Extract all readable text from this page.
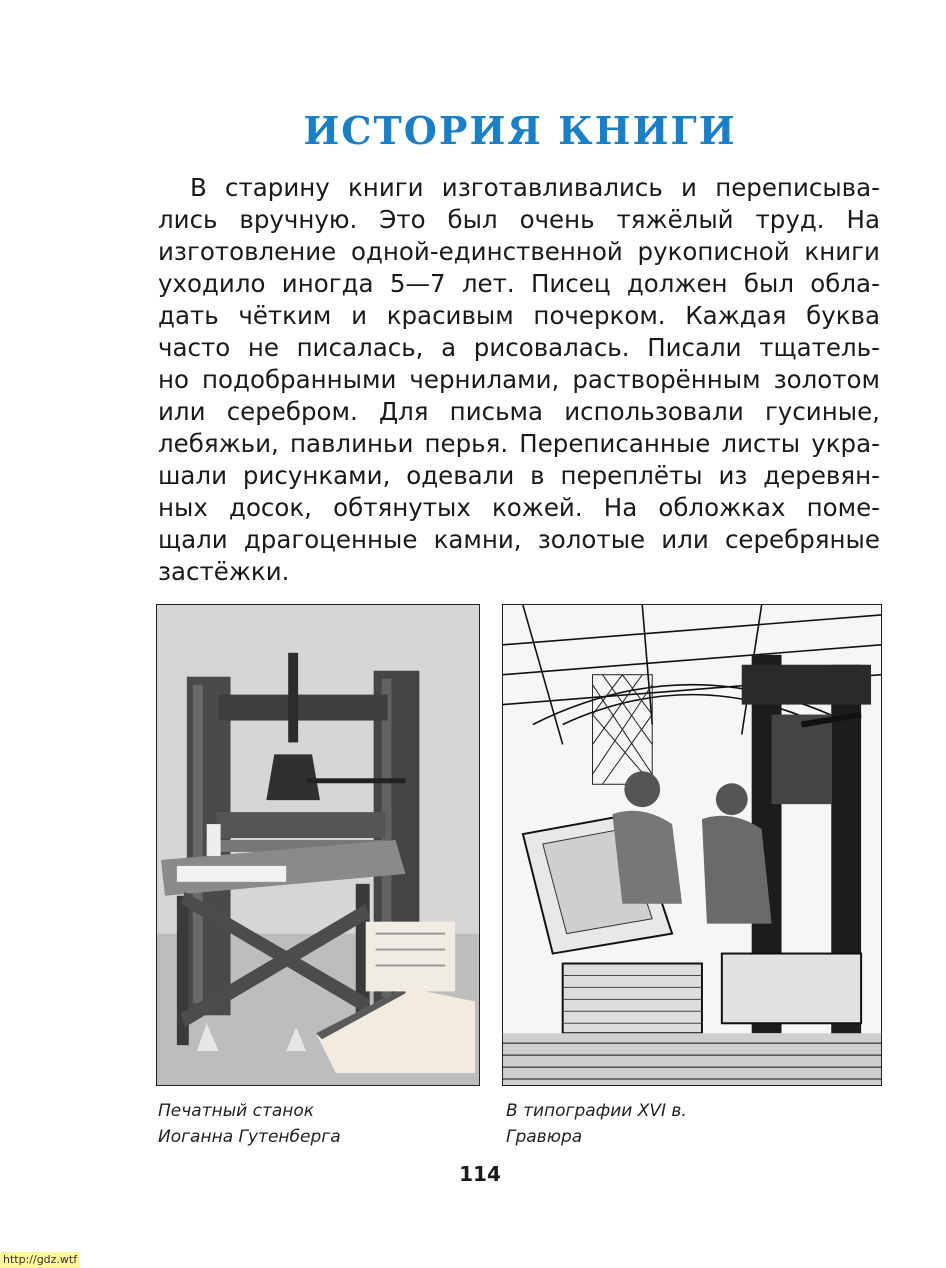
ИСТОРИЯ КНИГИ
В старину книги изготавливались и переписыва-
лись вручную. Это был очень тяжёлый труд. На
изготовление одной-единственной рукописной книги
уходило иногда 5—7 лет. Писец должен был обла-
дать чётким и красивым почерком. Каждая буква
часто не писалась, а рисовалась. Писали тщатель-
но подобранными чернилами, растворённым золотом
или серебром. Для письма использовали гусиные,
лебяжьи, павлиньи перья. Переписанные листы укра-
шали рисунками, одевали в переплёты из деревян-
ных досок, обтянутых кожей. На обложках поме-
щали драгоценные камни, золотые или серебряные
застёжки.
Печатный станок
Иоганна Гутенберга
В типографии XVI в.
Гравюра
114
http://gdz.wtf
